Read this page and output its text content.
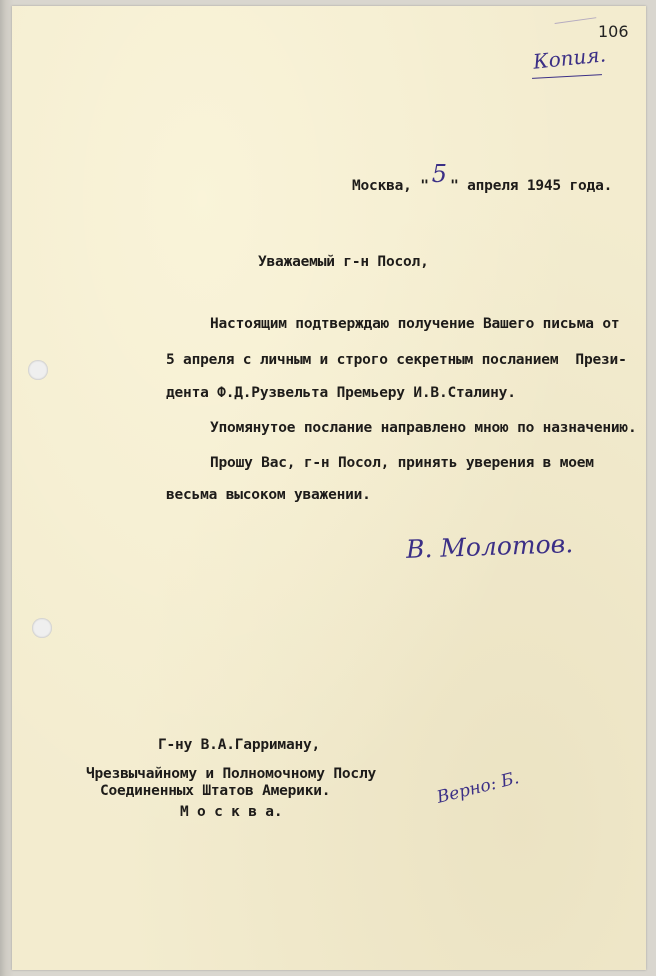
106
Копия.
Москва, " 5 " апреля 1945 года.
Уважаемый г-н Посол,
Настоящим подтверждаю получение Вашего письма от
5 апреля с личным и строго секретным посланием  Прези-
дента Ф.Д.Рузвельта Премьеру И.В.Сталину.
Упомянутое послание направлено мною по назначению.
Прошу Вас, г-н Посол, принять уверения в моем
весьма высоком уважении.
В. Молотов.
Г-ну В.А.Гарриману,
Чрезвычайному и Полномочному Послу
Соединенных Штатов Америки.
М о с к в а.
Верно: Б.
